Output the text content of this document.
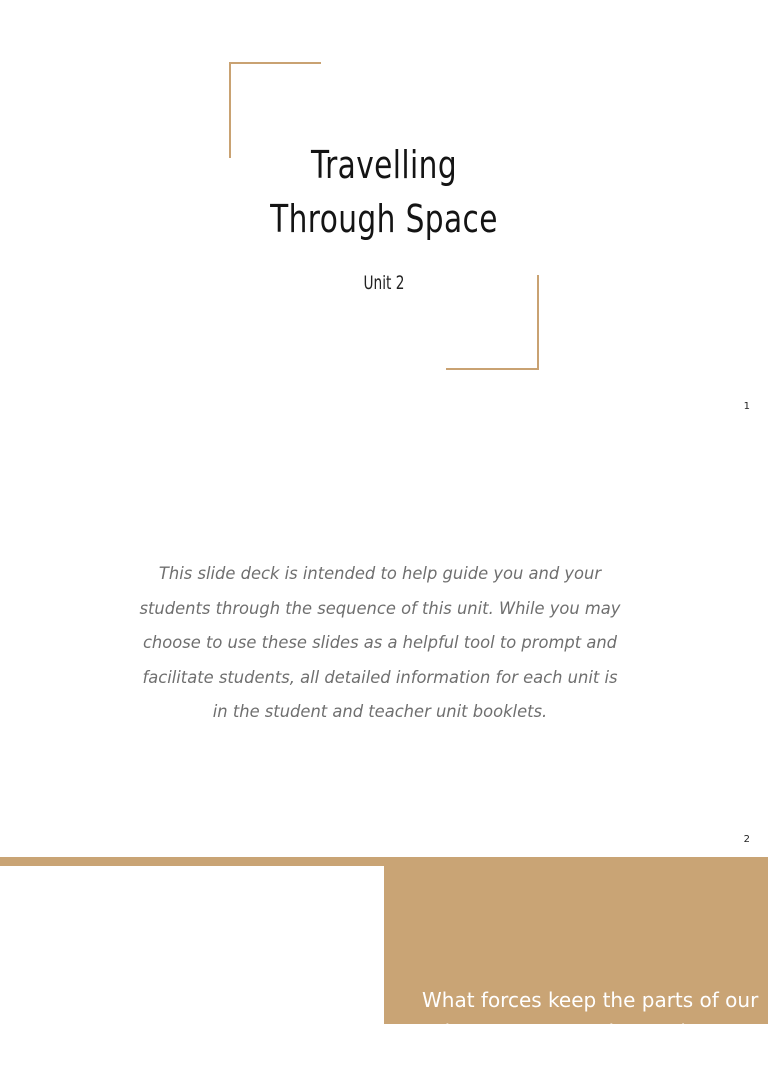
Travelling
Through Space
Unit 2
1

This slide deck is intended to help guide you and your students through the sequence of this unit. While you may choose to use these slides as a helpful tool to prompt and facilitate students, all detailed information for each unit is in the student and teacher unit booklets.

2
What forces keep the parts of our solar system together and
